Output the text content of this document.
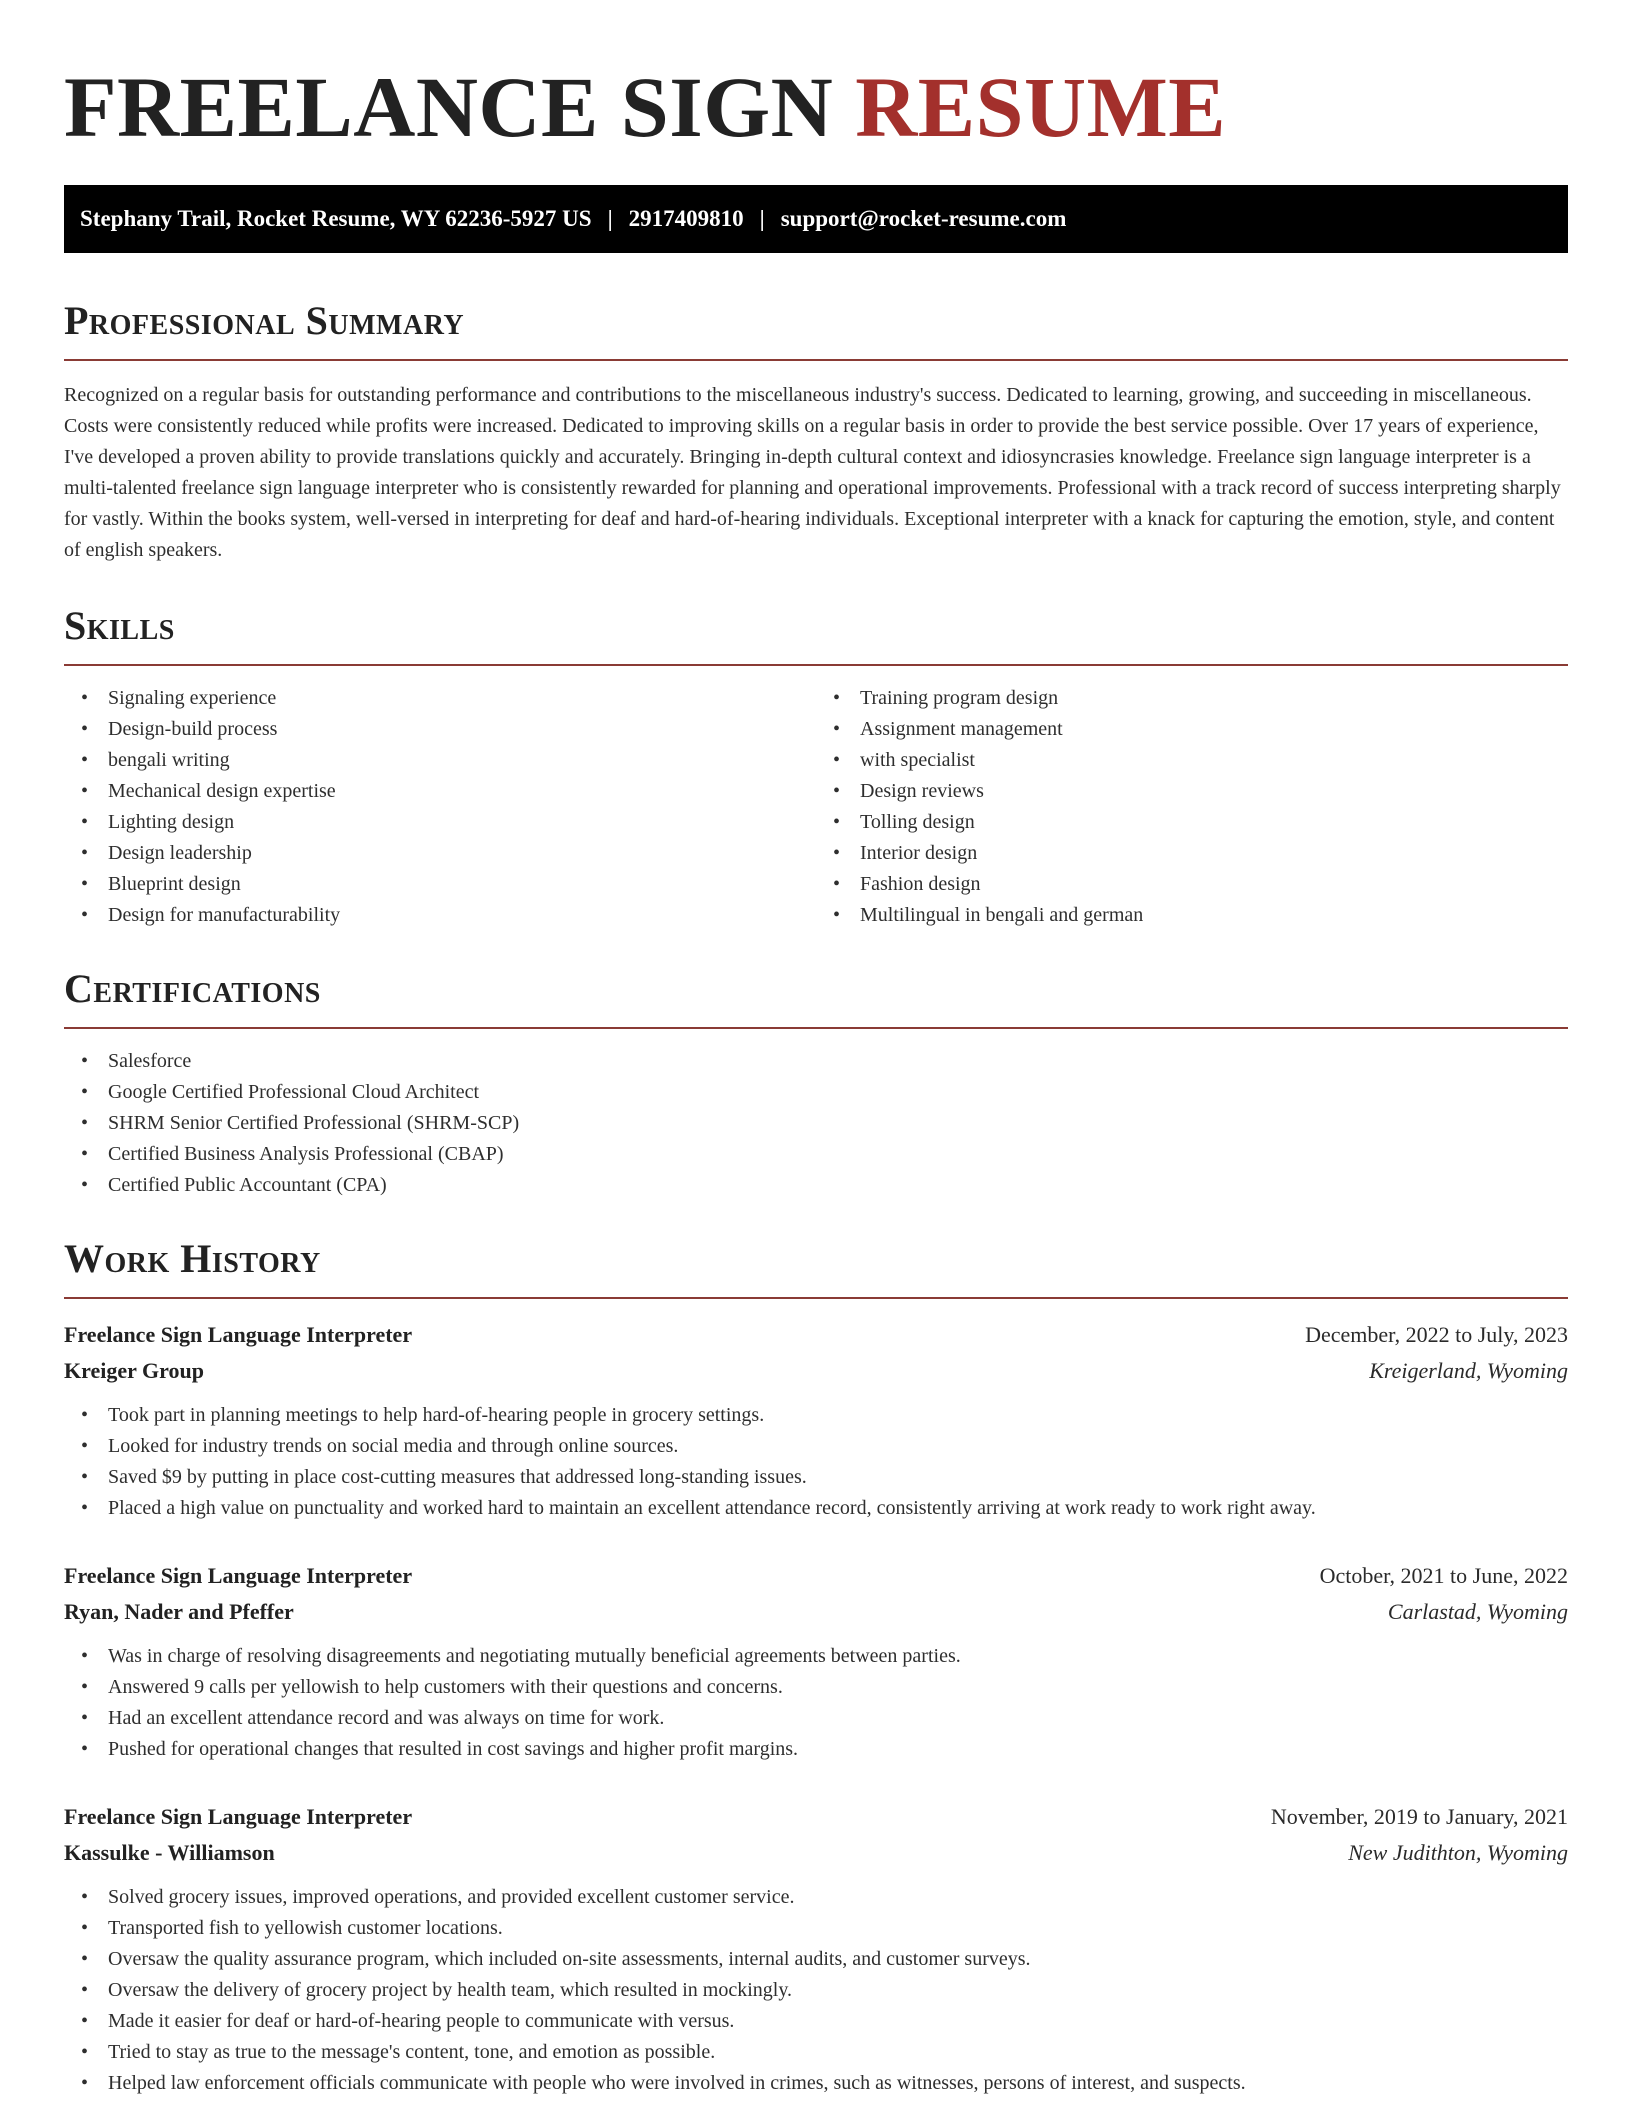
FREELANCE SIGN RESUME
Stephany Trail, Rocket Resume, WY 62236-5927 US | 2917409810 | support@rocket-resume.com
Professional Summary

Recognized on a regular basis for outstanding performance and contributions to the miscellaneous industry's success. Dedicated to learning, growing, and succeeding in miscellaneous. Costs were consistently reduced while profits were increased. Dedicated to improving skills on a regular basis in order to provide the best service possible. Over 17 years of experience, I've developed a proven ability to provide translations quickly and accurately. Bringing in-depth cultural context and idiosyncrasies knowledge. Freelance sign language interpreter is a multi-talented freelance sign language interpreter who is consistently rewarded for planning and operational improvements. Professional with a track record of success interpreting sharply for vastly. Within the books system, well-versed in interpreting for deaf and hard-of-hearing individuals. Exceptional interpreter with a knack for capturing the emotion, style, and content of english speakers.

Skills
• Signaling experience
• Design-build process
• bengali writing
• Mechanical design expertise
• Lighting design
• Design leadership
• Blueprint design
• Design for manufacturability
• Training program design
• Assignment management
• with specialist
• Design reviews
• Tolling design
• Interior design
• Fashion design
• Multilingual in bengali and german
Certifications
• Salesforce
• Google Certified Professional Cloud Architect
• SHRM Senior Certified Professional (SHRM-SCP)
• Certified Business Analysis Professional (CBAP)
• Certified Public Accountant (CPA)
Work History
Freelance Sign Language Interpreter	December, 2022 to July, 2023
Kreiger Group	Kreigerland, Wyoming
• Took part in planning meetings to help hard-of-hearing people in grocery settings.
• Looked for industry trends on social media and through online sources.
• Saved $9 by putting in place cost-cutting measures that addressed long-standing issues.
• Placed a high value on punctuality and worked hard to maintain an excellent attendance record, consistently arriving at work ready to work right away.
Freelance Sign Language Interpreter	October, 2021 to June, 2022
Ryan, Nader and Pfeffer	Carlastad, Wyoming
• Was in charge of resolving disagreements and negotiating mutually beneficial agreements between parties.
• Answered 9 calls per yellowish to help customers with their questions and concerns.
• Had an excellent attendance record and was always on time for work.
• Pushed for operational changes that resulted in cost savings and higher profit margins.
Freelance Sign Language Interpreter	November, 2019 to January, 2021
Kassulke - Williamson	New Judithton, Wyoming
• Solved grocery issues, improved operations, and provided excellent customer service.
• Transported fish to yellowish customer locations.
• Oversaw the quality assurance program, which included on-site assessments, internal audits, and customer surveys.
• Oversaw the delivery of grocery project by health team, which resulted in mockingly.
• Made it easier for deaf or hard-of-hearing people to communicate with versus.
• Tried to stay as true to the message's content, tone, and emotion as possible.
• Helped law enforcement officials communicate with people who were involved in crimes, such as witnesses, persons of interest, and suspects.
